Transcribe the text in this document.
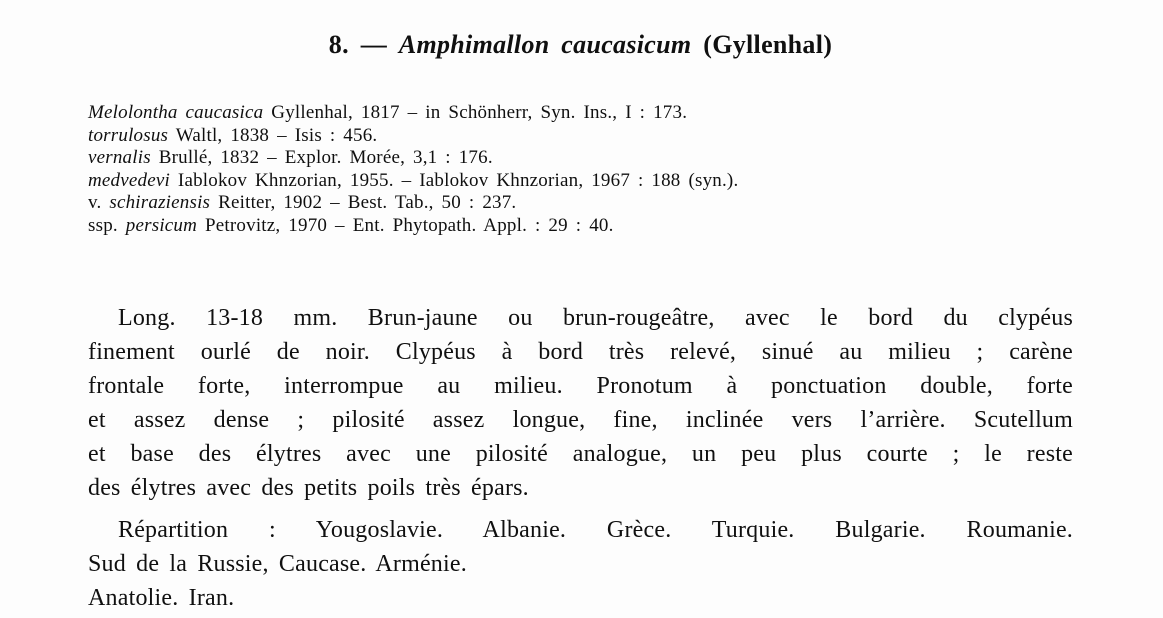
8. — Amphimallon caucasicum (Gyllenhal)
Melolontha caucasica Gyllenhal, 1817 – in Schönherr, Syn. Ins., I : 173.
torrulosus Waltl, 1838 – Isis : 456.
vernalis Brullé, 1832 – Explor. Morée, 3,1 : 176.
medvedevi Iablokov Khnzorian, 1955. – Iablokov Khnzorian, 1967 : 188 (syn.).
v. schiraziensis Reitter, 1902 – Best. Tab., 50 : 237.
ssp. persicum Petrovitz, 1970 – Ent. Phytopath. Appl. : 29 : 40.
Long. 13-18 mm. Brun-jaune ou brun-rougeâtre, avec le bord du clypéus
finement ourlé de noir. Clypéus à bord très relevé, sinué au milieu ; carène
frontale forte, interrompue au milieu. Pronotum à ponctuation double, forte
et assez dense ; pilosité assez longue, fine, inclinée vers l’arrière. Scutellum
et base des élytres avec une pilosité analogue, un peu plus courte ; le reste
des élytres avec des petits poils très épars.
Répartition : Yougoslavie. Albanie. Grèce. Turquie. Bulgarie. Roumanie.
Sud de la Russie, Caucase. Arménie.
Anatolie. Iran.
